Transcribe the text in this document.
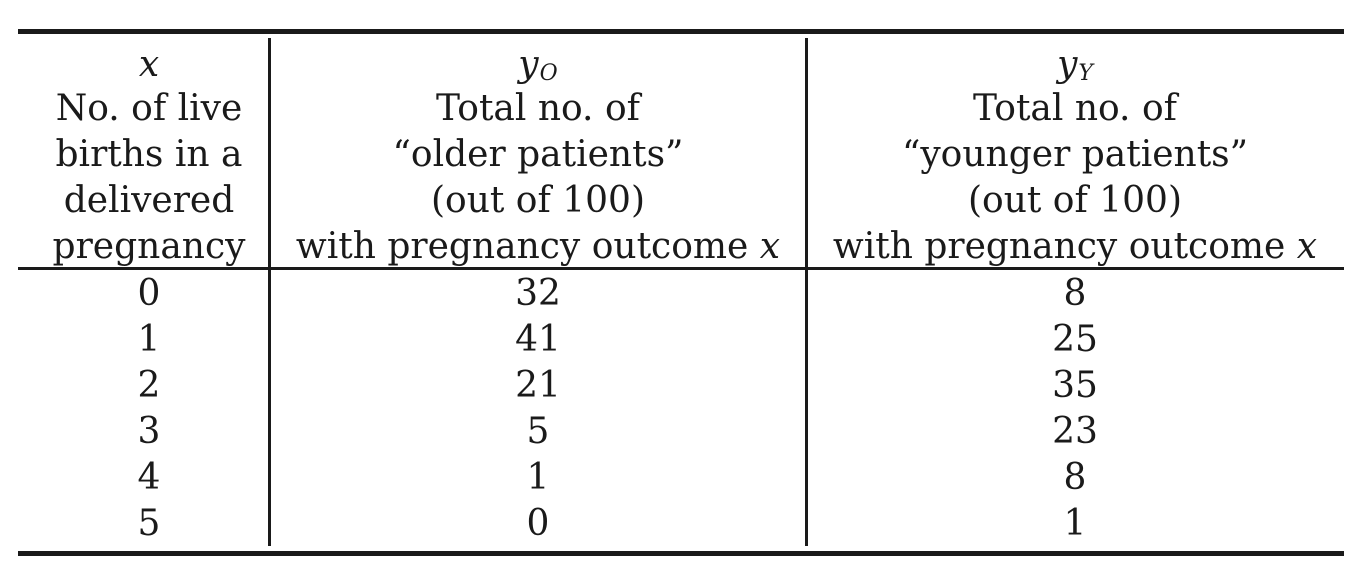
x
No. of live
births in a
delivered
pregnancy
$y_O$
Total no. of
“older patients”
(out of 100)
with pregnancy outcome x
$y_Y$
Total no. of
“younger patients”
(out of 100)
with pregnancy outcome x
0
1
2
3
4
5
32
41
21
5
1
0
8
25
35
23
8
1
